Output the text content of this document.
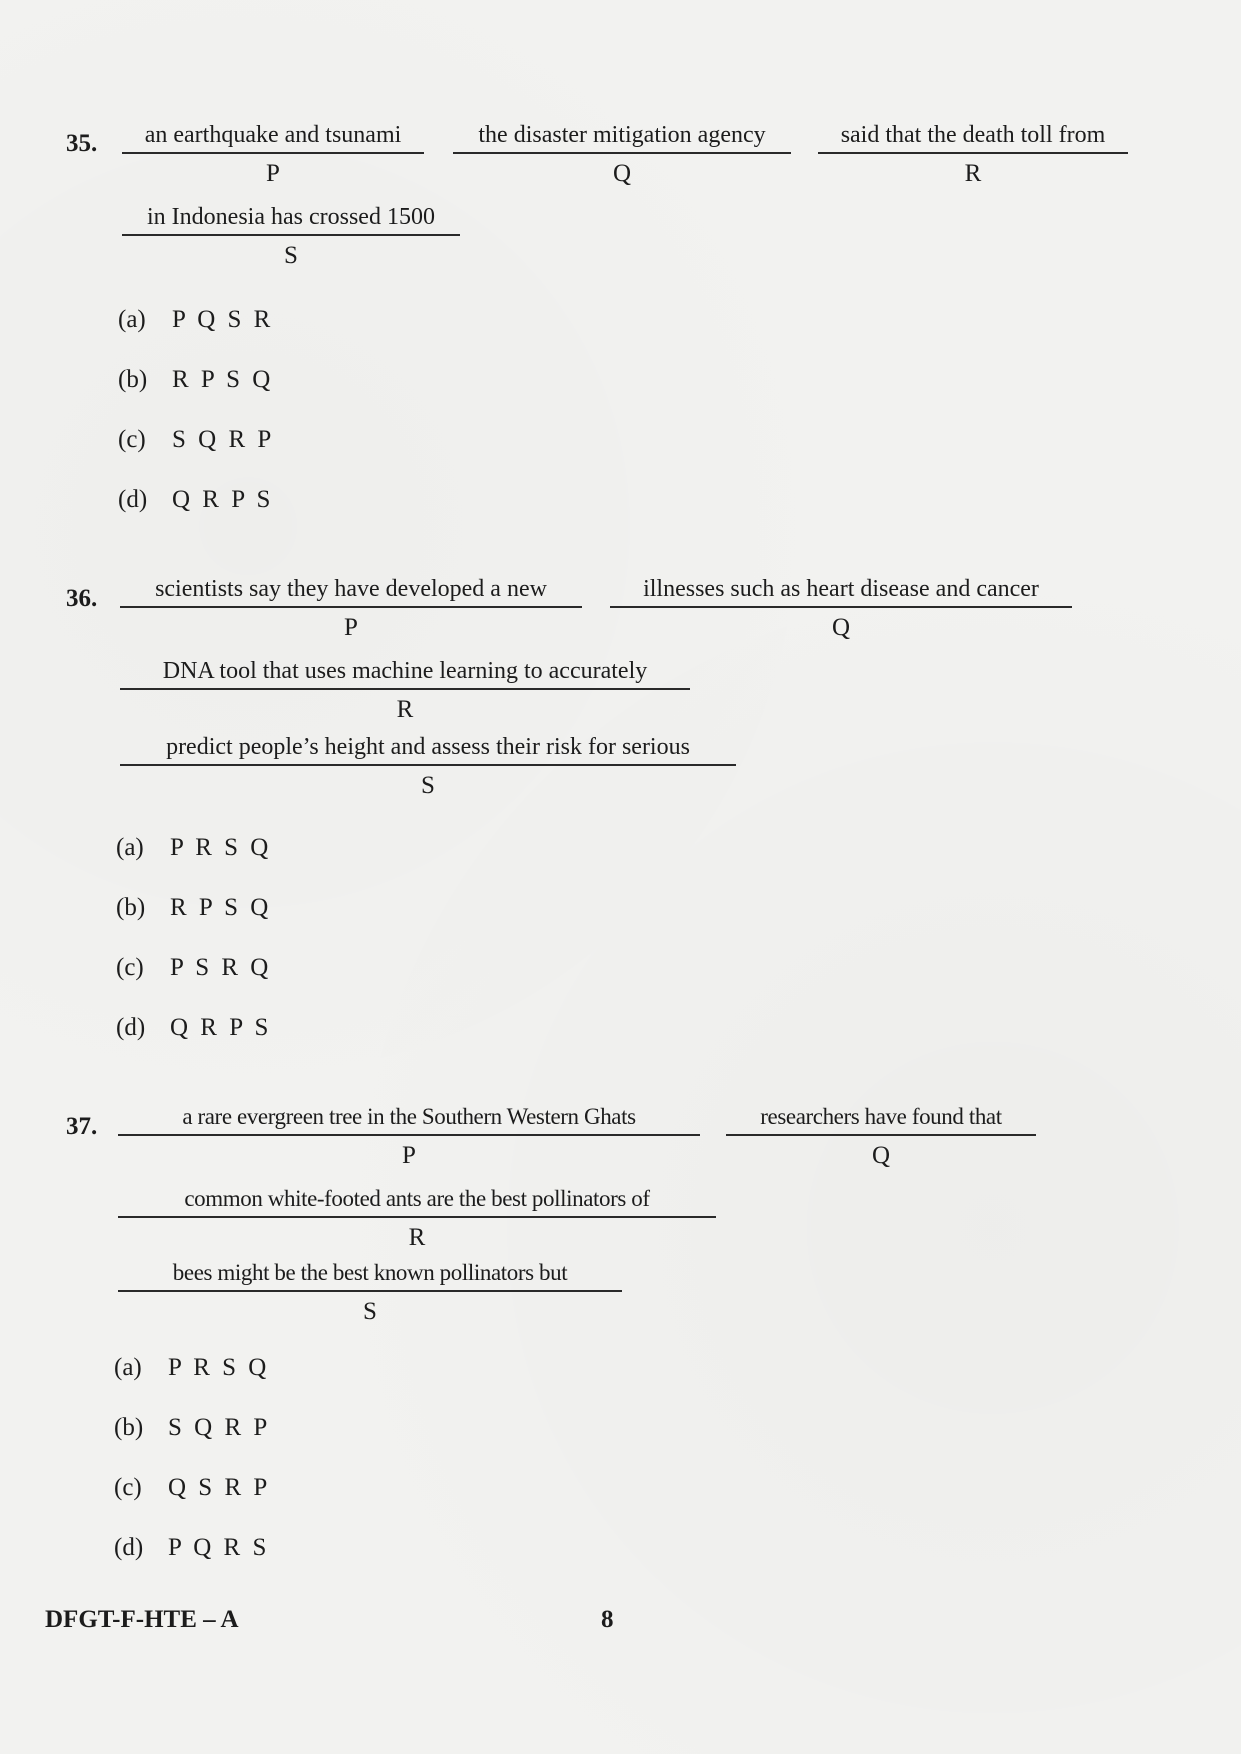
35.	an earthquake and tsunami
P
the disaster mitigation agency
Q
said that the death toll from
R
in Indonesia has crossed 1500
S
(a) P Q S R
(b) R P S Q
(c) S Q R P
(d) Q R P S
36.	scientists say they have developed a new
P
illnesses such as heart disease and cancer
Q
DNA tool that uses machine learning to accurately
R
predict people’s height and assess their risk for serious
S
(a) P R S Q
(b) R P S Q
(c) P S R Q
(d) Q R P S
37.	a rare evergreen tree in the Southern Western Ghats
P
researchers have found that
Q
common white-footed ants are the best pollinators of
R
bees might be the best known pollinators but
S
(a) P R S Q
(b) S Q R P
(c) Q S R P
(d) P Q R S
DFGT-F-HTE – A	8
